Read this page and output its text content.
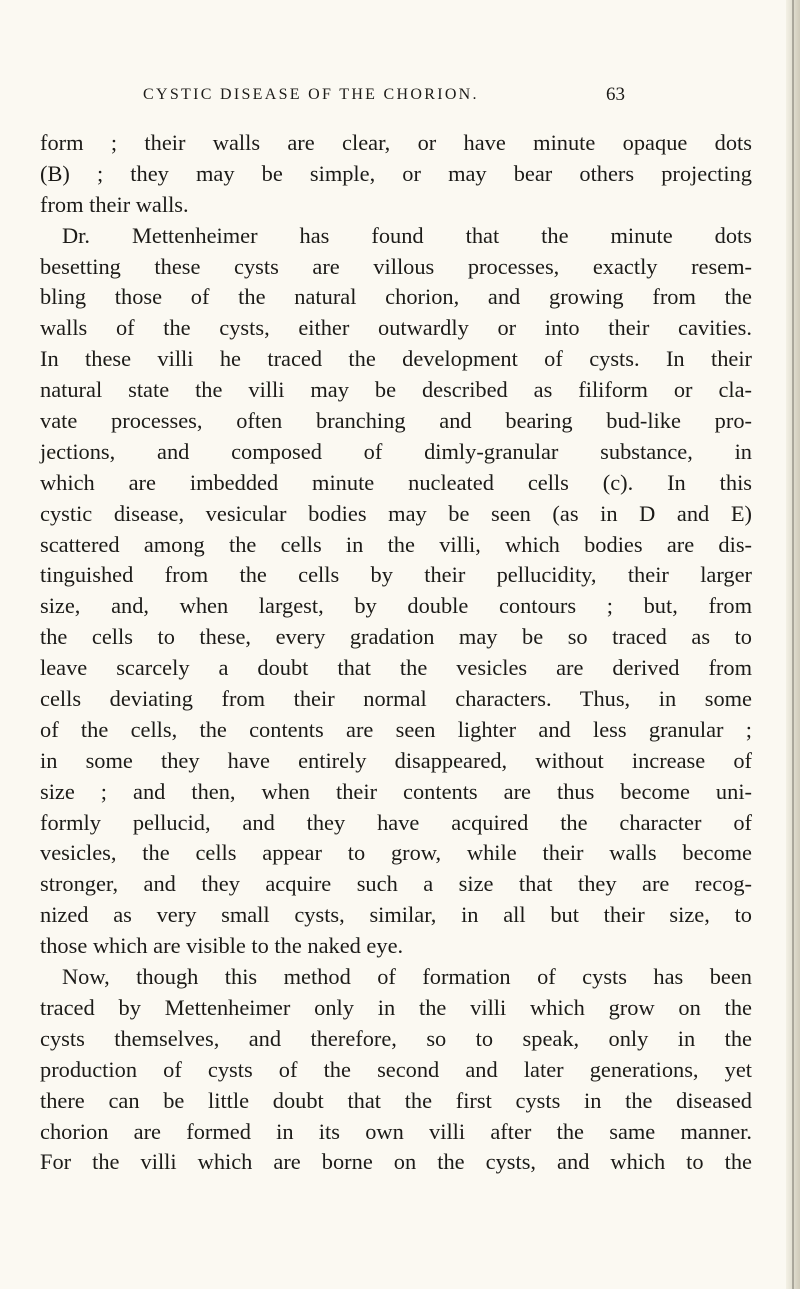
CYSTIC DISEASE OF THE CHORION.	63
form ; their walls are clear, or have minute opaque dots
(B) ; they may be simple, or may bear others projecting
from their walls.
Dr. Mettenheimer has found that the minute dots
besetting these cysts are villous processes, exactly resem-
bling those of the natural chorion, and growing from the
walls of the cysts, either outwardly or into their cavities.
In these villi he traced the development of cysts. In their
natural state the villi may be described as filiform or cla-
vate processes, often branching and bearing bud-like pro-
jections, and composed of dimly-granular substance, in
which are imbedded minute nucleated cells (c). In this
cystic disease, vesicular bodies may be seen (as in D and E)
scattered among the cells in the villi, which bodies are dis-
tinguished from the cells by their pellucidity, their larger
size, and, when largest, by double contours ; but, from
the cells to these, every gradation may be so traced as to
leave scarcely a doubt that the vesicles are derived from
cells deviating from their normal characters. Thus, in some
of the cells, the contents are seen lighter and less granular ;
in some they have entirely disappeared, without increase of
size ; and then, when their contents are thus become uni-
formly pellucid, and they have acquired the character of
vesicles, the cells appear to grow, while their walls become
stronger, and they acquire such a size that they are recog-
nized as very small cysts, similar, in all but their size, to
those which are visible to the naked eye.
Now, though this method of formation of cysts has been
traced by Mettenheimer only in the villi which grow on the
cysts themselves, and therefore, so to speak, only in the
production of cysts of the second and later generations, yet
there can be little doubt that the first cysts in the diseased
chorion are formed in its own villi after the same manner.
For the villi which are borne on the cysts, and which to the
